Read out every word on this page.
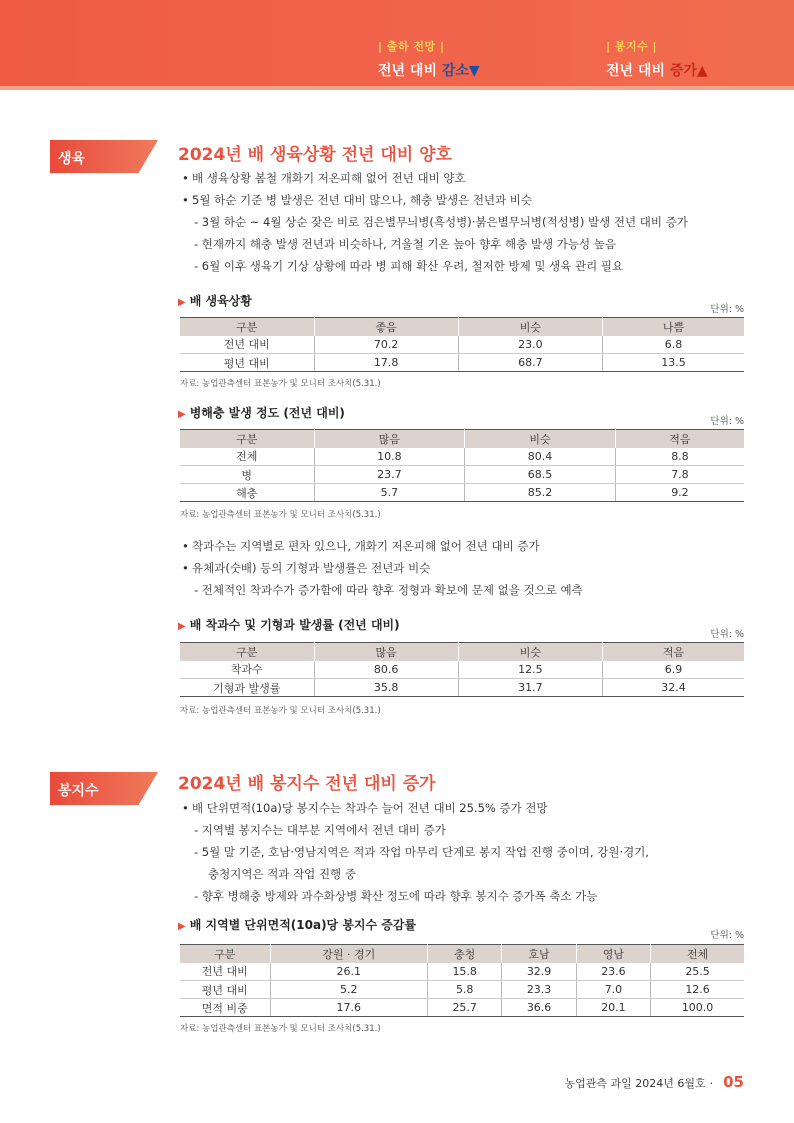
| 출하 전망 |
전년 대비 감소▼
| 봉지수 |
전년 대비 증가▲
생육	2024년 배 생육상황 전년 대비 양호
• 배 생육상황 봄철 개화기 저온피해 없어 전년 대비 양호
• 5월 하순 기준 병 발생은 전년 대비 많으나, 해충 발생은 전년과 비슷
- 3월 하순 ~ 4월 상순 잦은 비로 검은별무늬병(흑성병)·붉은별무늬병(적성병) 발생 전년 대비 증가
- 현재까지 해충 발생 전년과 비슷하나, 겨울철 기온 높아 향후 해충 발생 가능성 높음
- 6월 이후 생육기 기상 상황에 따라 병 피해 확산 우려, 철저한 방제 및 생육 관리 필요
▶ 배 생육상황
단위: %
구분	좋음	비슷	나쁨
전년 대비	70.2	23.0	6.8
평년 대비	17.8	68.7	13.5
자료: 농업관측센터 표본농가 및 모니터 조사치(5.31.)
▶ 병해충 발생 정도 (전년 대비)
단위: %
구분	많음	비슷	적음
전체	10.8	80.4	8.8
병	23.7	68.5	7.8
해충	5.7	85.2	9.2
자료: 농업관측센터 표본농가 및 모니터 조사치(5.31.)
• 착과수는 지역별로 편차 있으나, 개화기 저온피해 없어 전년 대비 증가
• 유체과(숫배) 등의 기형과 발생률은 전년과 비슷
- 전체적인 착과수가 증가함에 따라 향후 정형과 확보에 문제 없을 것으로 예측
▶ 배 착과수 및 기형과 발생률 (전년 대비)
단위: %
구분	많음	비슷	적음
착과수	80.6	12.5	6.9
기형과 발생률	35.8	31.7	32.4
자료: 농업관측센터 표본농가 및 모니터 조사치(5.31.)
봉지수	2024년 배 봉지수 전년 대비 증가
• 배 단위면적(10a)당 봉지수는 착과수 늘어 전년 대비 25.5% 증가 전망
- 지역별 봉지수는 대부분 지역에서 전년 대비 증가
- 5월 말 기준, 호남·영남지역은 적과 작업 마무리 단계로 봉지 작업 진행 중이며, 강원·경기,
충청지역은 적과 작업 진행 중
- 향후 병해충 방제와 과수화상병 확산 정도에 따라 향후 봉지수 증가폭 축소 가능
▶ 배 지역별 단위면적(10a)당 봉지수 증감률
단위: %
구분	강원 · 경기	충청	호남	영남	전체
전년 대비	26.1	15.8	32.9	23.6	25.5
평년 대비	5.2	5.8	23.3	7.0	12.6
면적 비중	17.6	25.7	36.6	20.1	100.0
자료: 농업관측센터 표본농가 및 모니터 조사치(5.31.)
농업관측 과일 2024년 6월호 · 05
